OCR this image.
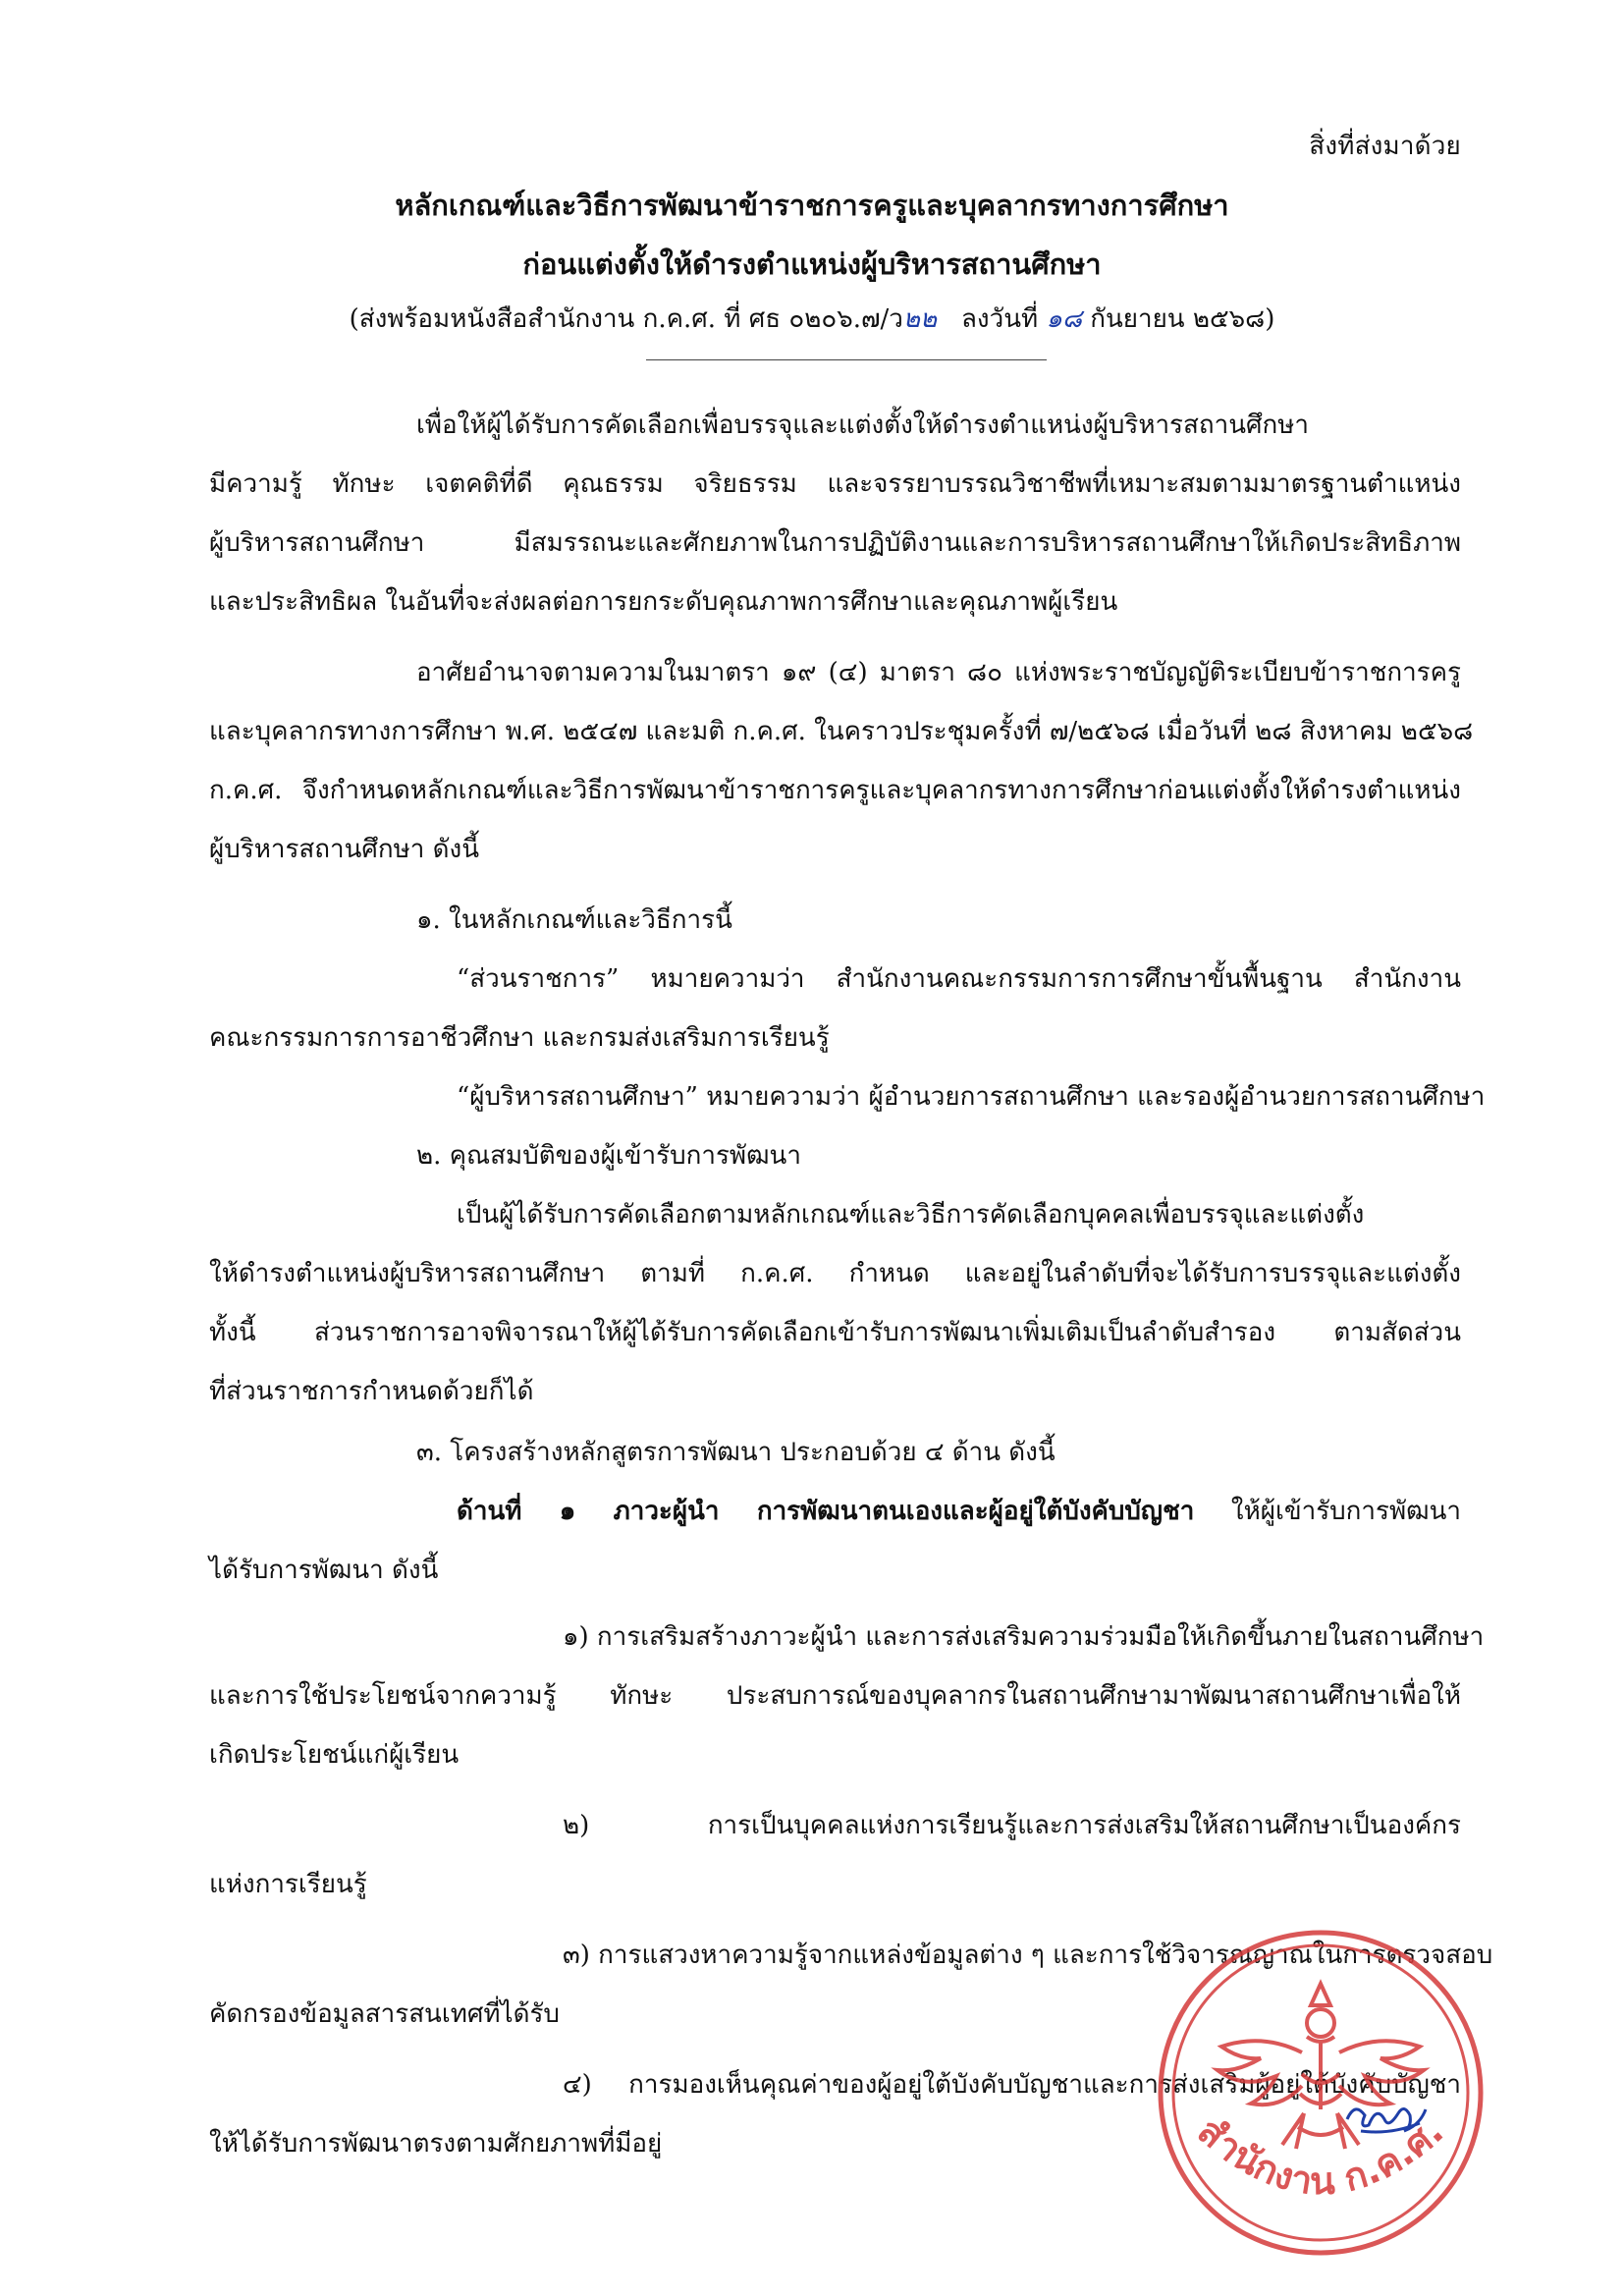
สิ่งที่ส่งมาด้วย
หลักเกณฑ์และวิธีการพัฒนาข้าราชการครูและบุคลากรทางการศึกษา
ก่อนแต่งตั้งให้ดำรงตำแหน่งผู้บริหารสถานศึกษา
(ส่งพร้อมหนังสือสำนักงาน ก.ค.ศ. ที่ ศธ ๐๒๐๖.๗/ว๒๒ ลงวันที่ ๑๘ กันยายน ๒๕๖๘)
เพื่อให้ผู้ได้รับการคัดเลือกเพื่อบรรจุและแต่งตั้งให้ดำรงตำแหน่งผู้บริหารสถานศึกษา
มีความรู้ ทักษะ เจตคติที่ดี คุณธรรม จริยธรรม และจรรยาบรรณวิชาชีพที่เหมาะสมตามมาตรฐานตำแหน่ง
ผู้บริหารสถานศึกษา มีสมรรถนะและศักยภาพในการปฏิบัติงานและการบริหารสถานศึกษาให้เกิดประสิทธิภาพ
และประสิทธิผล ในอันที่จะส่งผลต่อการยกระดับคุณภาพการศึกษาและคุณภาพผู้เรียน
อาศัยอำนาจตามความในมาตรา ๑๙ (๔) มาตรา ๘๐ แห่งพระราชบัญญัติระเบียบข้าราชการครู
และบุคลากรทางการศึกษา พ.ศ. ๒๕๔๗ และมติ ก.ค.ศ. ในคราวประชุมครั้งที่ ๗/๒๕๖๘ เมื่อวันที่ ๒๘ สิงหาคม ๒๕๖๘
ก.ค.ศ. จึงกำหนดหลักเกณฑ์และวิธีการพัฒนาข้าราชการครูและบุคลากรทางการศึกษาก่อนแต่งตั้งให้ดำรงตำแหน่ง
ผู้บริหารสถานศึกษา ดังนี้
๑. ในหลักเกณฑ์และวิธีการนี้
“ส่วนราชการ” หมายความว่า สำนักงานคณะกรรมการการศึกษาขั้นพื้นฐาน สำนักงาน
คณะกรรมการการอาชีวศึกษา และกรมส่งเสริมการเรียนรู้
“ผู้บริหารสถานศึกษา” หมายความว่า ผู้อำนวยการสถานศึกษา และรองผู้อำนวยการสถานศึกษา
๒. คุณสมบัติของผู้เข้ารับการพัฒนา
เป็นผู้ได้รับการคัดเลือกตามหลักเกณฑ์และวิธีการคัดเลือกบุคคลเพื่อบรรจุและแต่งตั้ง
ให้ดำรงตำแหน่งผู้บริหารสถานศึกษา ตามที่ ก.ค.ศ. กำหนด และอยู่ในลำดับที่จะได้รับการบรรจุและแต่งตั้ง
ทั้งนี้ ส่วนราชการอาจพิจารณาให้ผู้ได้รับการคัดเลือกเข้ารับการพัฒนาเพิ่มเติมเป็นลำดับสำรอง ตามสัดส่วน
ที่ส่วนราชการกำหนดด้วยก็ได้
๓. โครงสร้างหลักสูตรการพัฒนา ประกอบด้วย ๔ ด้าน ดังนี้
ด้านที่ ๑ ภาวะผู้นำ การพัฒนาตนเองและผู้อยู่ใต้บังคับบัญชา ให้ผู้เข้ารับการพัฒนา
ได้รับการพัฒนา ดังนี้
๑) การเสริมสร้างภาวะผู้นำ และการส่งเสริมความร่วมมือให้เกิดขึ้นภายในสถานศึกษา
และการใช้ประโยชน์จากความรู้ ทักษะ ประสบการณ์ของบุคลากรในสถานศึกษามาพัฒนาสถานศึกษาเพื่อให้
เกิดประโยชน์แก่ผู้เรียน
๒) การเป็นบุคคลแห่งการเรียนรู้และการส่งเสริมให้สถานศึกษาเป็นองค์กร
แห่งการเรียนรู้
๓) การแสวงหาความรู้จากแหล่งข้อมูลต่าง ๆ และการใช้วิจารณญาณในการตรวจสอบ
คัดกรองข้อมูลสารสนเทศที่ได้รับ
๔) การมองเห็นคุณค่าของผู้อยู่ใต้บังคับบัญชาและการส่งเสริมผู้อยู่ใต้บังคับบัญชา
ให้ได้รับการพัฒนาตรงตามศักยภาพที่มีอยู่	สำนักงาน ก.ค.ศ.
